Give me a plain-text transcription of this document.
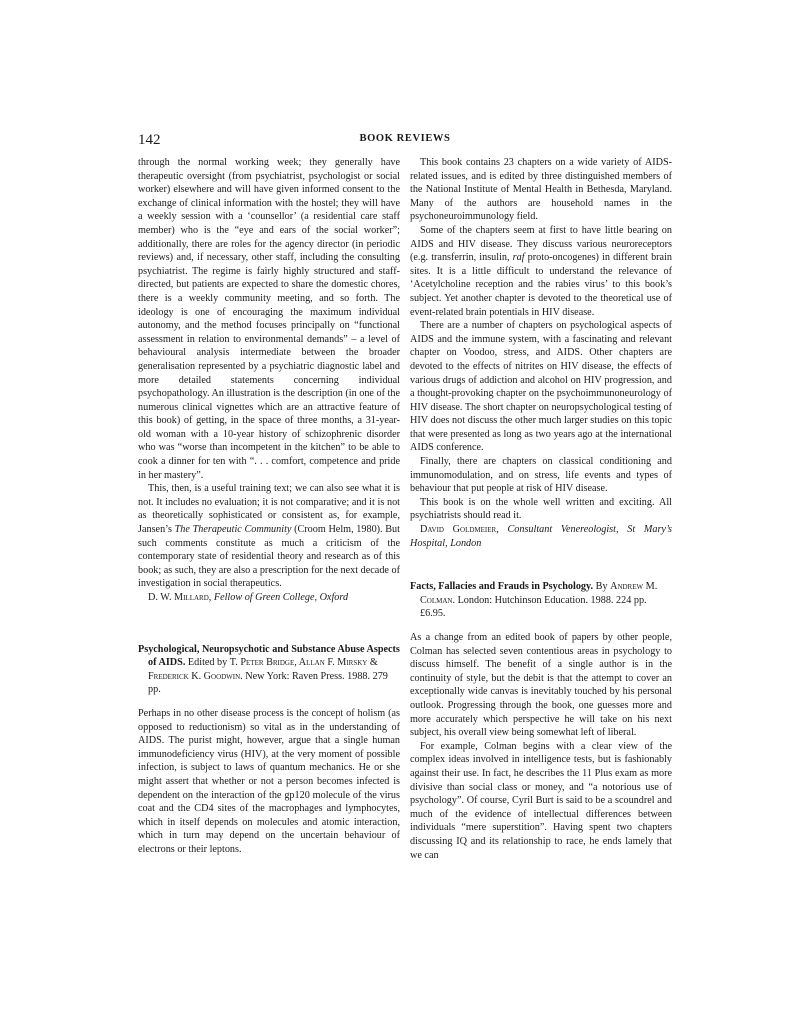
142	BOOK REVIEWS

through the normal working week; they generally have therapeutic oversight (from psychiatrist, psychologist or social worker) elsewhere and will have given informed consent to the exchange of clinical information with the hostel; they will have a weekly session with a ‘counsellor’ (a residential care staff member) who is the “eye and ears of the social worker”; additionally, there are roles for the agency director (in periodic reviews) and, if necessary, other staff, including the consulting psychiatrist. The regime is fairly highly structured and staff-directed, but patients are expected to share the domestic chores, there is a weekly community meeting, and so forth. The ideology is one of encouraging the maximum individual autonomy, and the method focuses principally on “functional assessment in relation to environmental demands” – a level of behavioural analysis intermediate between the broader generalisation represented by a psychiatric diagnostic label and more detailed statements concerning individual psychopathology. An illustration is the description (in one of the numerous clinical vignettes which are an attractive feature of this book) of getting, in the space of three months, a 31-year-old woman with a 10-year history of schizophrenic disorder who was “worse than incompetent in the kitchen” to be able to cook a dinner for ten with “. . . comfort, competence and pride in her mastery”.

This, then, is a useful training text; we can also see what it is not. It includes no evaluation; it is not comparative; and it is not as theoretically sophisticated or consistent as, for example, Jansen’s The Therapeutic Community (Croom Helm, 1980). But such comments constitute as much a criticism of the contemporary state of residential theory and research as of this book; as such, they are also a prescription for the next decade of investigation in social therapeutics.

D. W. Millard, Fellow of Green College, Oxford

Psychological, Neuropsychotic and Substance Abuse Aspects of AIDS. Edited by T. Peter Bridge, Allan F. Mirsky & Frederick K. Goodwin. New York: Raven Press. 1988. 279 pp.

Perhaps in no other disease process is the concept of holism (as opposed to reductionism) so vital as in the understanding of AIDS. The purist might, however, argue that a single human immunodeficiency virus (HIV), at the very moment of possible infection, is subject to laws of quantum mechanics. He or she might assert that whether or not a person becomes infected is dependent on the interaction of the gp120 molecule of the virus coat and the CD4 sites of the macrophages and lymphocytes, which in itself depends on molecules and atomic interaction, which in turn may depend on the uncertain behaviour of electrons or their leptons.

This book contains 23 chapters on a wide variety of AIDS-related issues, and is edited by three distinguished members of the National Institute of Mental Health in Bethesda, Maryland. Many of the authors are household names in the psychoneuroimmunology field.

Some of the chapters seem at first to have little bearing on AIDS and HIV disease. They discuss various neuroreceptors (e.g. transferrin, insulin, raf proto-oncogenes) in different brain sites. It is a little difficult to understand the relevance of ‘Acetylcholine reception and the rabies virus’ to this book’s subject. Yet another chapter is devoted to the theoretical use of event-related brain potentials in HIV disease.

There are a number of chapters on psychological aspects of AIDS and the immune system, with a fascinating and relevant chapter on Voodoo, stress, and AIDS. Other chapters are devoted to the effects of nitrites on HIV disease, the effects of various drugs of addiction and alcohol on HIV progression, and a thought-provoking chapter on the psychoimmunoneurology of HIV disease. The short chapter on neuropsychological testing of HIV does not discuss the other much larger studies on this topic that were presented as long as two years ago at the international AIDS conference.

Finally, there are chapters on classical conditioning and immunomodulation, and on stress, life events and types of behaviour that put people at risk of HIV disease.

This book is on the whole well written and exciting. All psychiatrists should read it.

David Goldmeier, Consultant Venereologist, St Mary’s Hospital, London

Facts, Fallacies and Frauds in Psychology. By Andrew M. Colman. London: Hutchinson Education. 1988. 224 pp. £6.95.

As a change from an edited book of papers by other people, Colman has selected seven contentious areas in psychology to discuss himself. The benefit of a single author is in the continuity of style, but the debit is that the attempt to cover an exceptionally wide canvas is inevitably touched by his personal outlook. Progressing through the book, one guesses more and more accurately which perspective he will take on his next subject, his overall view being somewhat left of liberal.

For example, Colman begins with a clear view of the complex ideas involved in intelligence tests, but is fashionably against their use. In fact, he describes the 11 Plus exam as more divisive than social class or money, and “a notorious use of psychology”. Of course, Cyril Burt is said to be a scoundrel and much of the evidence of intellectual differences between individuals “mere superstition”. Having spent two chapters discussing IQ and its relationship to race, he ends lamely that we can
